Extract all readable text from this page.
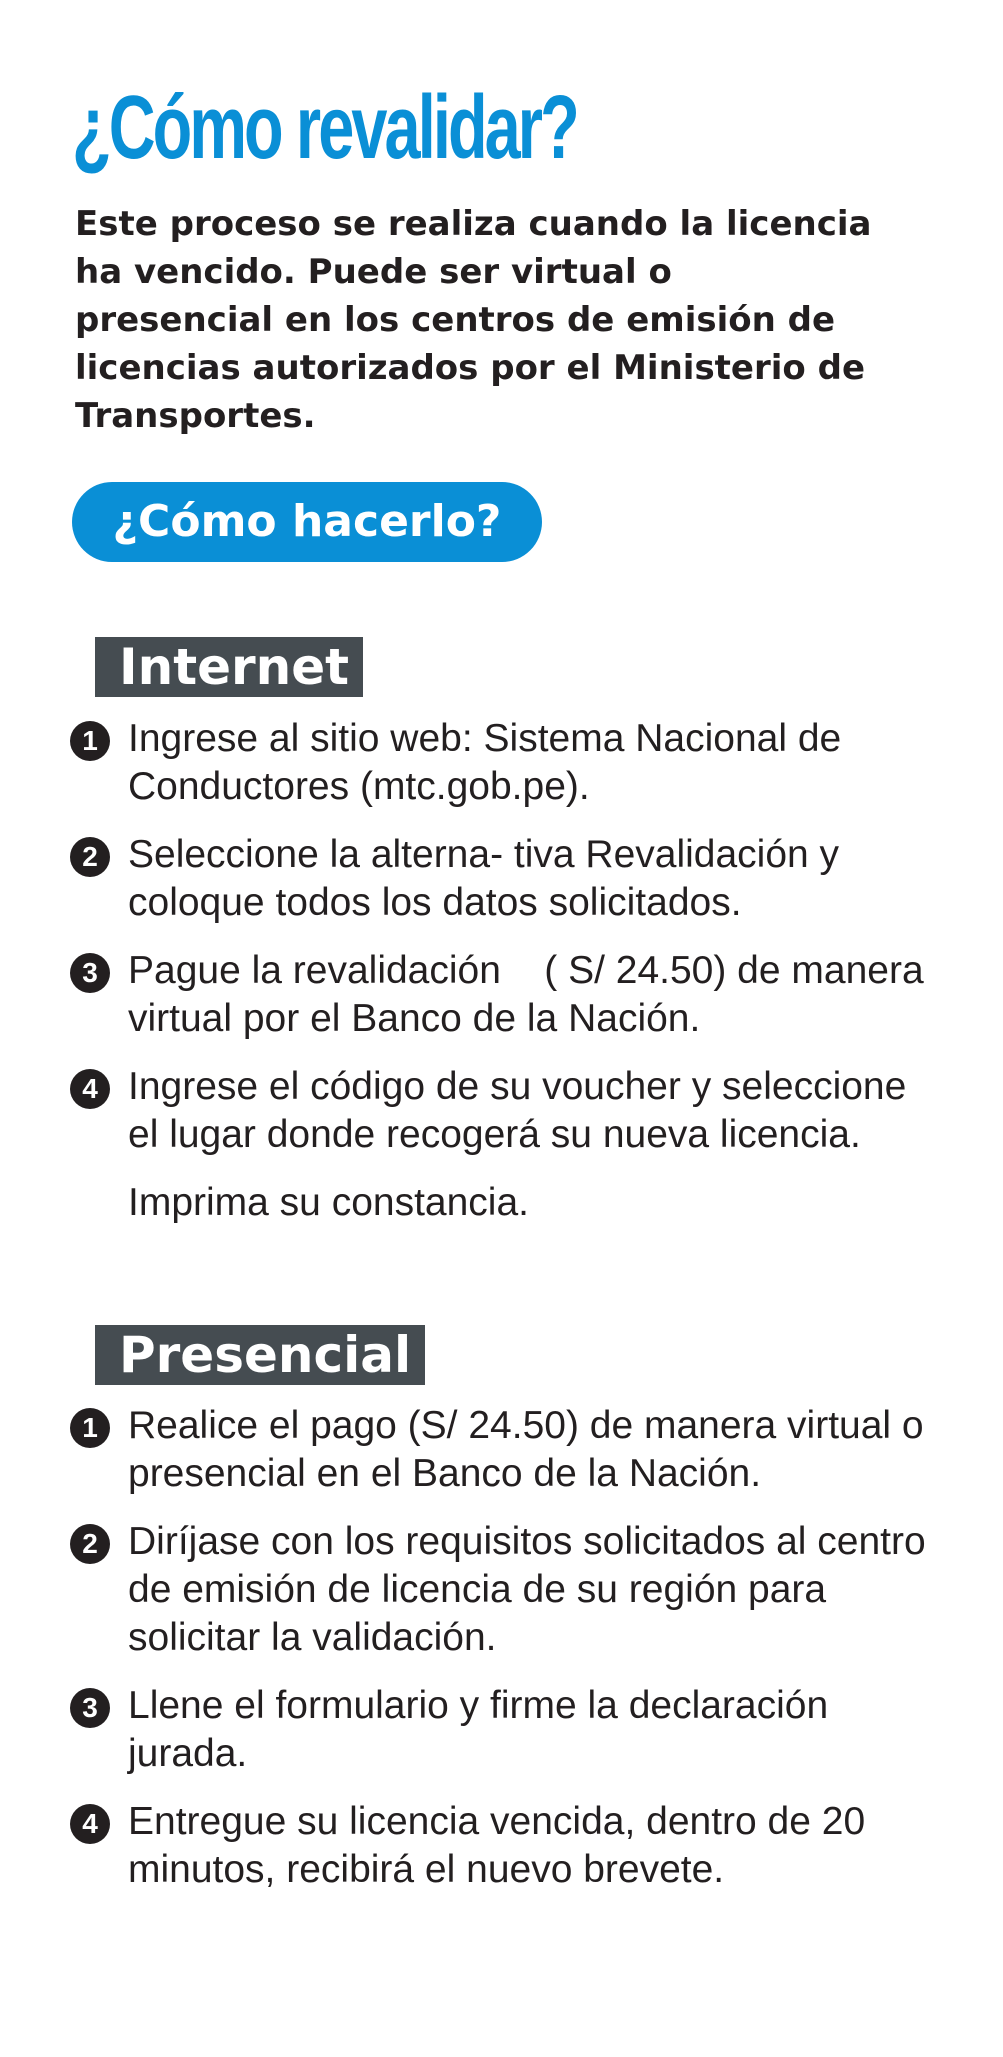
¿Cómo revalidar?

Este proceso se realiza cuando la licencia ha vencido. Puede ser virtual o presencial en los centros de emisión de licencias autorizados por el Ministerio de Transportes.

¿Cómo hacerlo?
Internet
1 Ingrese al sitio web: Sistema Nacional de Conductores (mtc.gob.pe).
2 Seleccione la alterna- tiva Revalidación y coloque todos los datos solicitados.
3 Pague la revalidación    ( S/ 24.50) de manera virtual por el Banco de la Nación.
4 Ingrese el código de su voucher y seleccione el lugar donde recogerá su nueva licencia.
Imprima su constancia.
Presencial
1 Realice el pago (S/ 24.50) de manera virtual o presencial en el Banco de la Nación.
2 Diríjase con los requisitos solicitados al centro de emisión de licencia de su región para solicitar la validación.
3 Llene el formulario y firme la declaración jurada.
4 Entregue su licencia vencida, dentro de 20 minutos, recibirá el nuevo brevete.
